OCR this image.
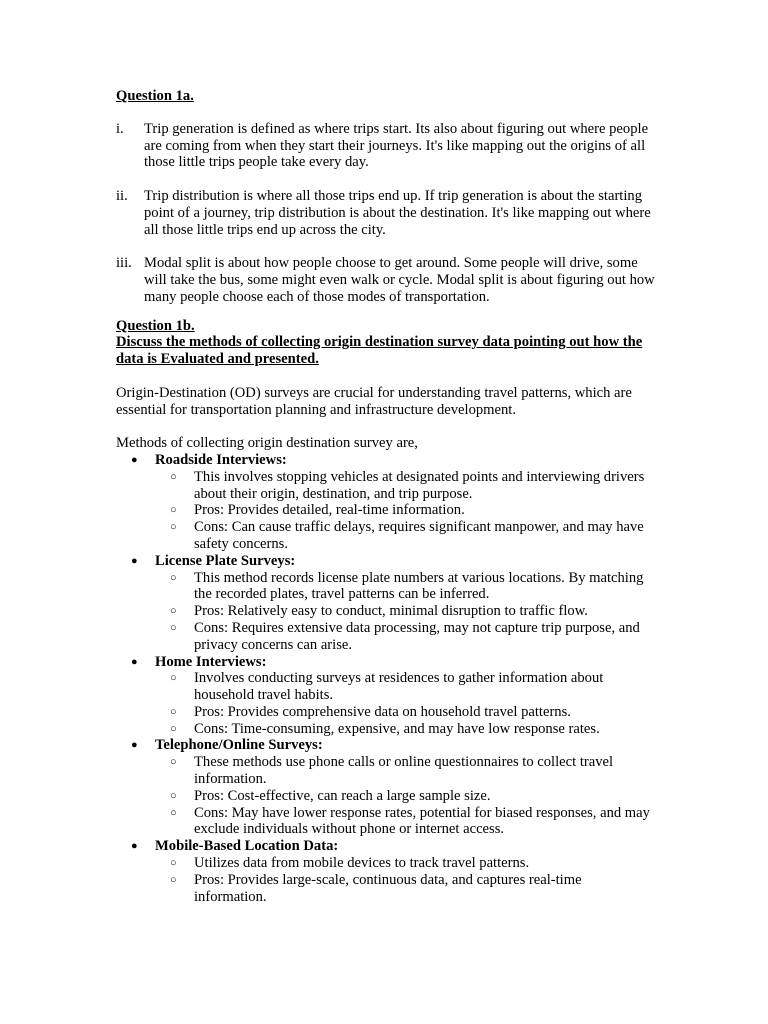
Question 1a.
i.	Trip generation is defined as where trips start. Its also about figuring out where people are coming from when they start their journeys. It's like mapping out the origins of all those little trips people take every day.
ii.	Trip distribution is where all those trips end up. If trip generation is about the starting point of a journey, trip distribution is about the destination. It's like mapping out where all those little trips end up across the city.
iii. Modal split is about how people choose to get around. Some people will drive, some will take the bus, some might even walk or cycle. Modal split is about figuring out how many people choose each of those modes of transportation.
Question 1b.
Discuss the methods of collecting origin destination survey data pointing out how the data is Evaluated and presented.
Origin-Destination (OD) surveys are crucial for understanding travel patterns, which are essential for transportation planning and infrastructure development.
Methods of collecting origin destination survey are,
● Roadside Interviews:
○ This involves stopping vehicles at designated points and interviewing drivers about their origin, destination, and trip purpose.
○ Pros: Provides detailed, real-time information.
○ Cons: Can cause traffic delays, requires significant manpower, and may have safety concerns.
● License Plate Surveys:
○ This method records license plate numbers at various locations. By matching the recorded plates, travel patterns can be inferred.
○ Pros: Relatively easy to conduct, minimal disruption to traffic flow.
○ Cons: Requires extensive data processing, may not capture trip purpose, and privacy concerns can arise.
● Home Interviews:
○ Involves conducting surveys at residences to gather information about household travel habits.
○ Pros: Provides comprehensive data on household travel patterns.
○ Cons: Time-consuming, expensive, and may have low response rates.
● Telephone/Online Surveys:
○ These methods use phone calls or online questionnaires to collect travel information.
○ Pros: Cost-effective, can reach a large sample size.
○ Cons: May have lower response rates, potential for biased responses, and may exclude individuals without phone or internet access.
● Mobile-Based Location Data:
○ Utilizes data from mobile devices to track travel patterns.
○ Pros: Provides large-scale, continuous data, and captures real-time information.
